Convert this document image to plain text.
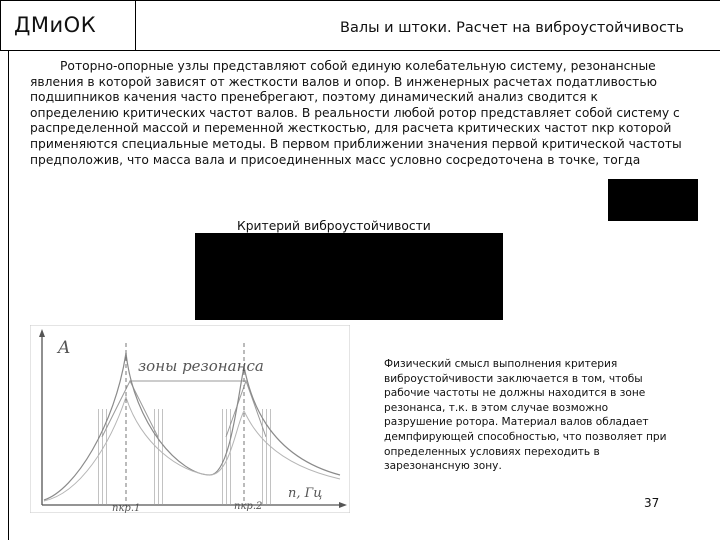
ДМиОК	Валы и штоки. Расчет на виброустойчивость
Роторно-опорные узлы представляют собой единую колебательную систему, резонансные явления в которой зависят от жесткости валов и опор. В инженерных расчетах податливостью подшипников качения часто пренебрегают, поэтому динамический анализ сводится к определению критических частот валов. В реальности любой ротор представляет собой систему с распределенной массой и переменной жесткостью, для расчета критических частот nкр которой применяются специальные методы. В первом приближении значения первой критической частоты предположив, что масса вала и присоединенных масс условно сосредоточена в точке, тогда
Критерий виброустойчивости
A
зоны резонанса
n, Гц
nкр.1	nкр.2
Физический смысл выполнения критерия виброустойчивости заключается в том, чтобы рабочие частоты не должны находится в зоне резонанса, т.к. в этом случае возможно разрушение ротора. Материал валов обладает демпфирующей способностью, что позволяет при определенных условиях переходить в зарезонансную зону.
37
